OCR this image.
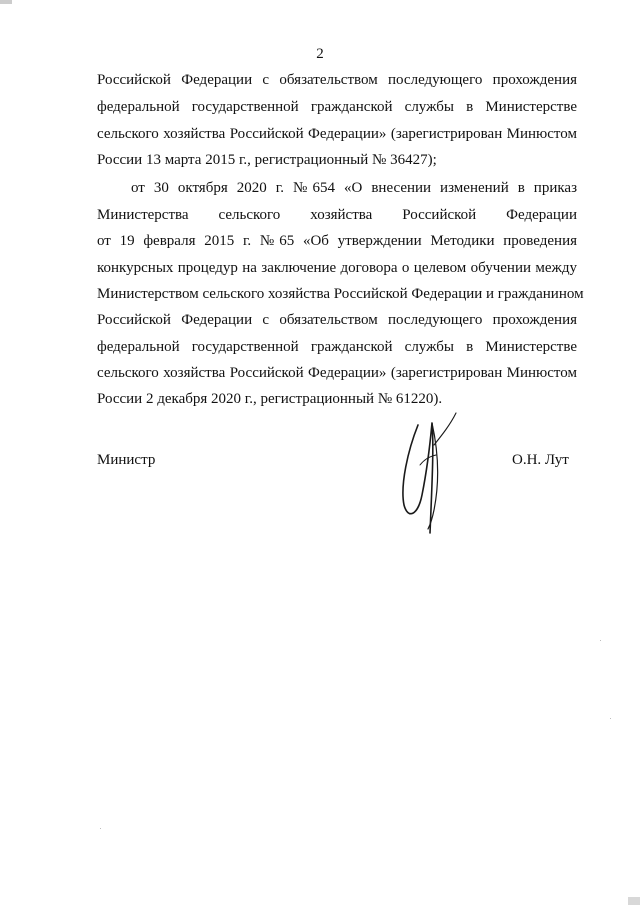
2
Российской Федерации с обязательством последующего прохождения
федеральной государственной гражданской службы в Министерстве
сельского хозяйства Российской Федерации» (зарегистрирован Минюстом
России 13 марта 2015 г., регистрационный № 36427);
от 30 октября 2020 г. №654 «О внесении изменений в приказ
Министерства сельского хозяйства Российской Федерации
от 19 февраля 2015 г. №65 «Об утверждении Методики проведения
конкурсных процедур на заключение договора о целевом обучении между
Министерством сельского хозяйства Российской Федерации и гражданином
Российской Федерации с обязательством последующего прохождения
федеральной государственной гражданской службы в Министерстве
сельского хозяйства Российской Федерации» (зарегистрирован Минюстом
России 2 декабря 2020 г., регистрационный № 61220).
Министр	О.Н. Лут
